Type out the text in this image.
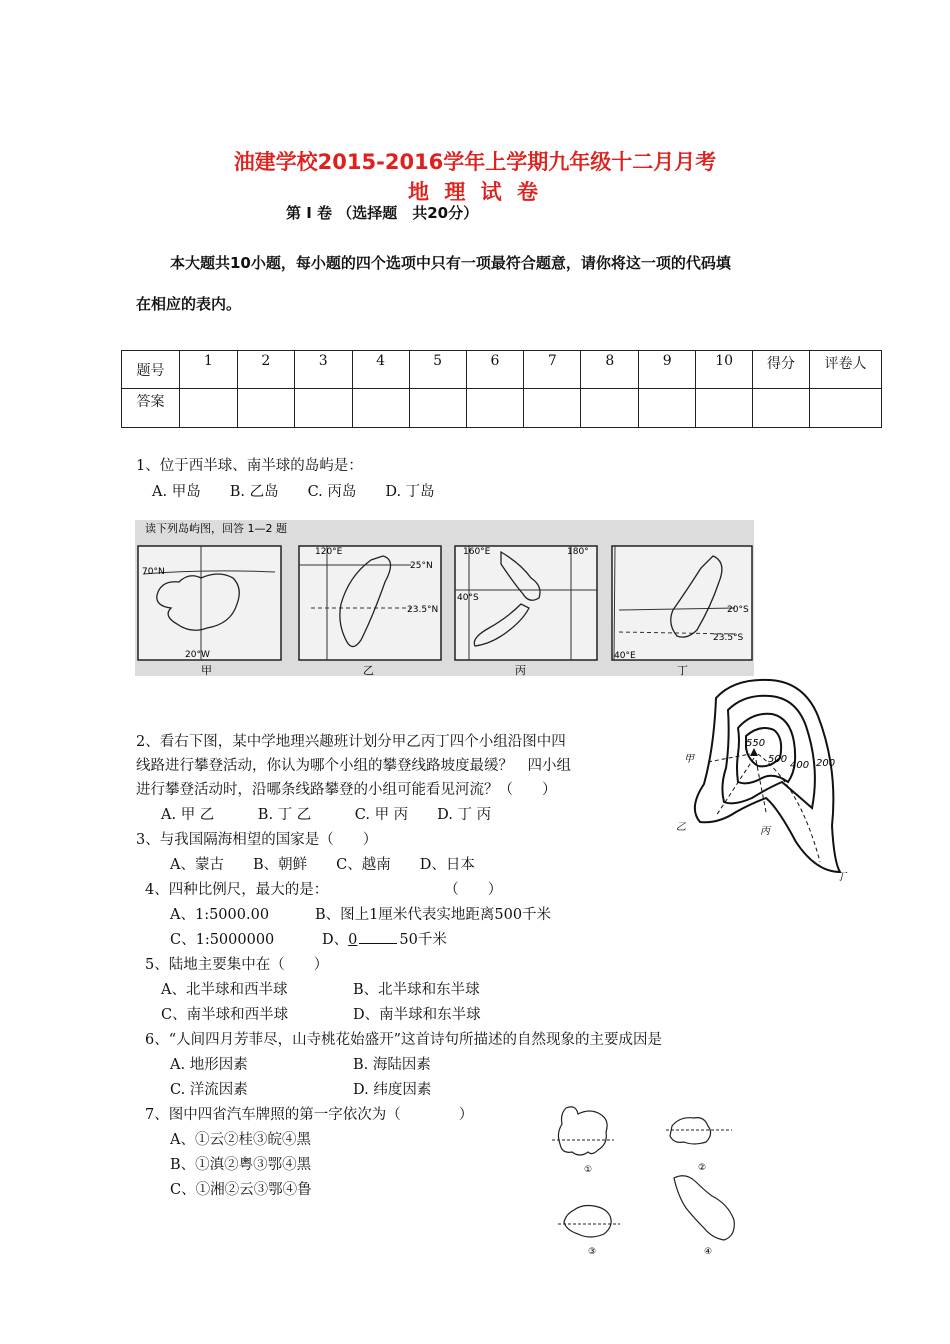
油建学校2015-2016学年上学期九年级十二月月考
地 理 试 卷
第 I 卷 （选择题　共20分）
本大题共10小题，每小题的四个选项中只有一项最符合题意，请你将这一项的代码填
在相应的表内。
题号	1	2	3	4	5	6	7	8	9	10	得分	评卷人
答案												
1、位于西半球、南半球的岛屿是：
A. 甲岛　　B. 乙岛　　C. 丙岛　　D. 丁岛
读下列岛屿图，回答 1—2 题
70°N
20°W
甲
120°E
25°N
23.5°N
乙
160°E	180°
40°S
丙
20°S
23.5°S
40°E
丁
550
500
400 200
甲
乙	丙
丁
2、看右下图，某中学地理兴趣班计划分甲乙丙丁四个小组沿图中四
线路进行攀登活动，你认为哪个小组的攀登线路坡度最缓？　四小组
进行攀登活动时，沿哪条线路攀登的小组可能看见河流？（　　）
A. 甲 乙　　　B. 丁 乙　　　C. 甲 丙　　D. 丁 丙
3、与我国隔海相望的国家是（　　）
A、蒙古　　B、朝鲜　　C、越南　　D、日本
4、四种比例尺，最大的是：　　　　　　　　　（　　）
A、1:5000.00	B、图上1厘米代表实地距离500千米
C、1:5000000	D、0	50千米
5、陆地主要集中在（　　）
A、北半球和西半球	B、北半球和东半球
C、南半球和西半球	D、南半球和东半球
6、“人间四月芳菲尽，山寺桃花始盛开”这首诗句所描述的自然现象的主要成因是
A. 地形因素	B. 海陆因素
C. 洋流因素	D. 纬度因素
7、图中四省汽车牌照的第一字依次为（　　　　）
A、①云②桂③皖④黑
B、①滇②粤③鄂④黑
C、①湘②云③鄂④鲁
①	②
③	④
